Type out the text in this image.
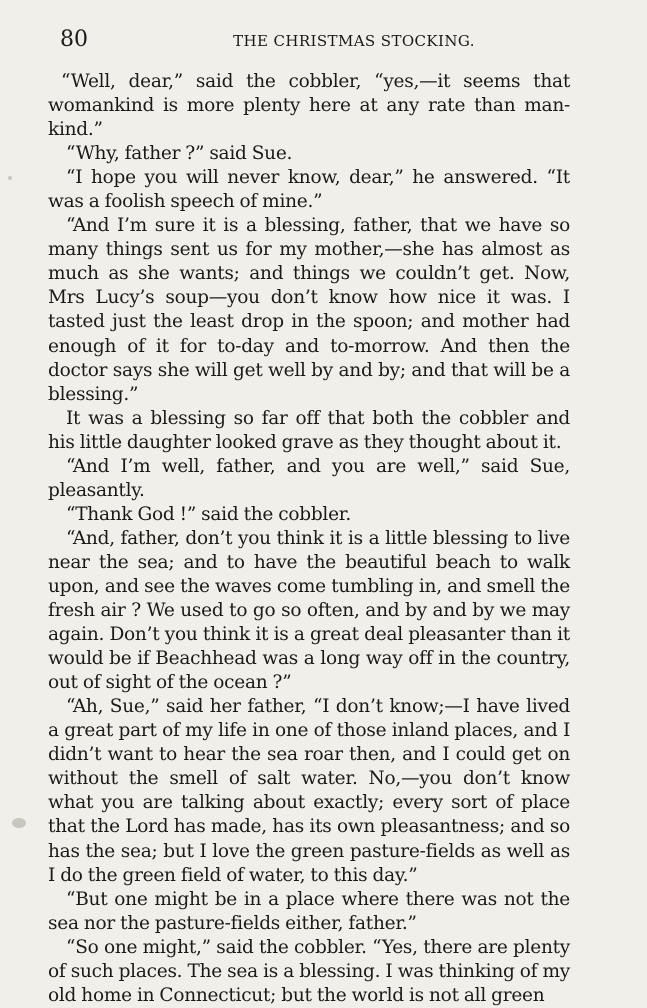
80	THE CHRISTMAS STOCKING.

“Well, dear,” said the cobbler, “yes,—it seems that womankind is more plenty here at any rate than man-kind.”

“Why, father ?” said Sue.

“I hope you will never know, dear,” he answered. “It was a foolish speech of mine.”

“And I’m sure it is a blessing, father, that we have so many things sent us for my mother,—she has almost as much as she wants; and things we couldn’t get. Now, Mrs Lucy’s soup—you don’t know how nice it was. I tasted just the least drop in the spoon; and mother had enough of it for to-day and to-morrow. And then the doctor says she will get well by and by; and that will be a blessing.”

It was a blessing so far off that both the cobbler and his little daughter looked grave as they thought about it.

“And I’m well, father, and you are well,” said Sue, pleasantly.

“Thank God !” said the cobbler.

“And, father, don’t you think it is a little blessing to live near the sea; and to have the beautiful beach to walk upon, and see the waves come tumbling in, and smell the fresh air ? We used to go so often, and by and by we may again. Don’t you think it is a great deal pleasanter than it would be if Beachhead was a long way off in the country, out of sight of the ocean ?”

“Ah, Sue,” said her father, “I don’t know;—I have lived a great part of my life in one of those inland places, and I didn’t want to hear the sea roar then, and I could get on without the smell of salt water. No,—you don’t know what you are talking about exactly; every sort of place that the Lord has made, has its own pleasantness; and so has the sea; but I love the green pasture-fields as well as I do the green field of water, to this day.”

“But one might be in a place where there was not the sea nor the pasture-fields either, father.”

“So one might,” said the cobbler. “Yes, there are plenty of such places. The sea is a blessing. I was thinking of my old home in Connecticut; but the world is not all green
